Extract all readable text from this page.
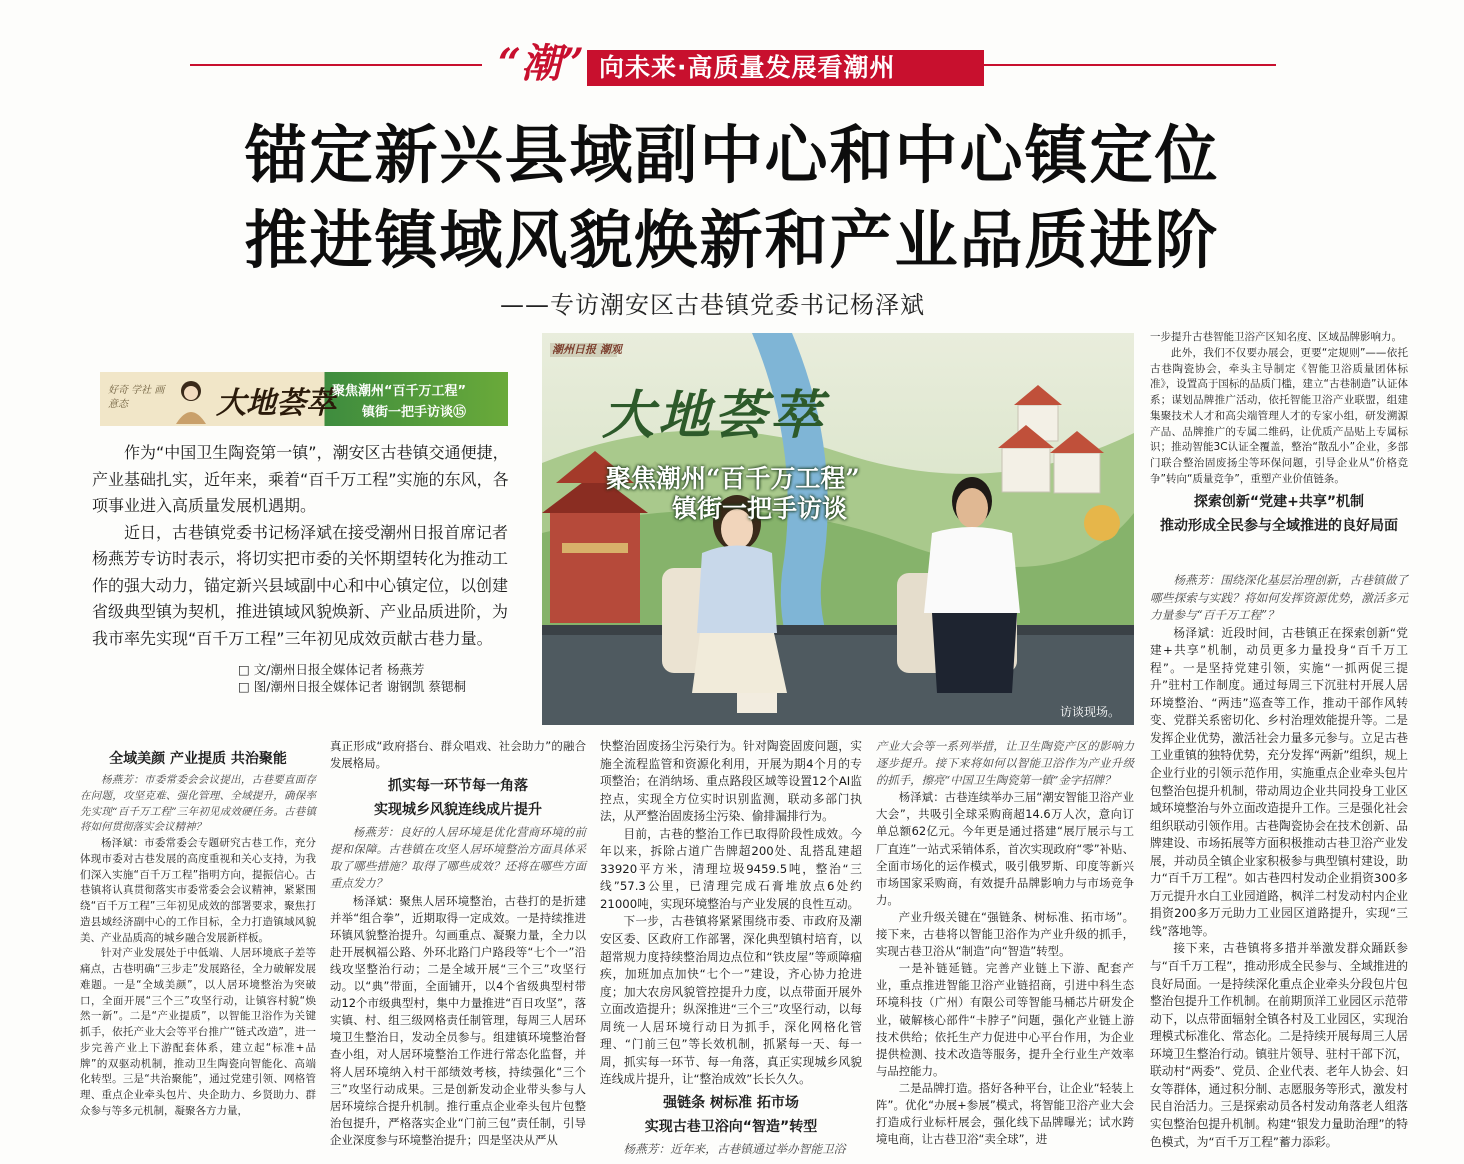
“潮” 向未来·高质量发展看潮州
锚定新兴县域副中心和中心镇定位
推进镇域风貌焕新和产业品质进阶
——专访潮安区古巷镇党委书记杨泽斌
好奇 学社 画意态	大地荟萃
聚焦潮州“百千万工程”
镇街一把手访谈⑮

作为“中国卫生陶瓷第一镇”，潮安区古巷镇交通便捷，产业基础扎实，近年来，乘着“百千万工程”实施的东风，各项事业进入高质量发展机遇期。

近日，古巷镇党委书记杨泽斌在接受潮州日报首席记者杨燕芳专访时表示，将切实把市委的关怀期望转化为推动工作的强大动力，锚定新兴县域副中心和中心镇定位，以创建省级典型镇为契机，推进镇域风貌焕新、产业品质进阶，为我市率先实现“百千万工程”三年初见成效贡献古巷力量。

□ 文/潮州日报全媒体记者 杨燕芳
□ 图/潮州日报全媒体记者 谢钢凯 蔡锶桐
潮州日报 潮观
大地荟萃
聚焦潮州“百千万工程”
镇街一把手访谈
访谈现场。

全域美颜 产业提质 共治聚能

杨燕芳：市委常委会会议提出，古巷要直面存在问题，攻坚克难、强化管理、全域提升，确保率先实现“百千万工程”三年初见成效硬任务。古巷镇将如何贯彻落实会议精神？

杨泽斌：市委常委会专题研究古巷工作，充分体现市委对古巷发展的高度重视和关心支持，为我们深入实施“百千万工程”指明方向，提振信心。古巷镇将认真贯彻落实市委常委会会议精神，紧紧围绕“百千万工程”三年初见成效的部署要求，聚焦打造县域经济副中心的工作目标，全力打造镇域风貌美、产业品质高的城乡融合发展新样板。

针对产业发展处于中低端、人居环境底子差等痛点，古巷明确“三步走”发展路径，全力破解发展难题。一是“全域美颜”，以人居环境整治为突破口，全面开展“三个三”攻坚行动，让镇容村貌“焕然一新”。二是“产业提质”，以智能卫浴作为关键抓手，依托产业大会等平台推广“链式改造”，进一步完善产业上下游配套体系，建立起“标准+品牌”的双驱动机制，推动卫生陶瓷向智能化、高端化转型。三是“共治聚能”，通过党建引领、网格管理、重点企业牵头包片、央企助力、乡贤助力、群众参与等多元机制，凝聚各方力量，

真正形成“政府搭台、群众唱戏、社会助力”的融合发展格局。

抓实每一环节每一角落

实现城乡风貌连线成片提升

杨燕芳：良好的人居环境是优化营商环境的前提和保障。古巷镇在攻坚人居环境整治方面具体采取了哪些措施？取得了哪些成效？还将在哪些方面重点发力？

杨泽斌：聚焦人居环境整治，古巷打的是折建并举“组合拳”，近期取得一定成效。一是持续推进环镇风貌整治提升。勾画重点、凝聚力量，全力以赴开展枫福公路、外环北路门户路段等“七个一”沿线攻坚整治行动；二是全域开展“三个三”攻坚行动。以“典”带面，全面铺开，以4个省级典型村带动12个市级典型村，集中力量推进“百日攻坚”，落实镇、村、组三级网格责任制管理，每周三人居环境卫生整治日，发动全员参与。组建镇环境整治督查小组，对人居环境整治工作进行常态化监督，并将人居环境纳入村干部绩效考核，持续强化“三个三”攻坚行动成果。三是创新发动企业带头参与人居环境综合提升机制。推行重点企业牵头包片包整治包提升，严格落实企业“门前三包”责任制，引导企业深度参与环境整治提升；四是坚决从严从

快整治固废扬尘污染行为。针对陶瓷固废问题，实施全流程监管和资源化利用，开展为期4个月的专项整治；在消纳场、重点路段区域等设置12个AI监控点，实现全方位实时识别监测，联动多部门执法，从严整治固废扬尘污染、偷排漏排行为。

目前，古巷的整治工作已取得阶段性成效。今年以来，拆除占道广告牌超200处、乱搭乱建超33920平方米，清理垃圾9459.5吨，整治“三线”57.3公里，已清理完成石膏堆放点6处约21000吨，实现环境整治与产业发展的良性互动。

下一步，古巷镇将紧紧围绕市委、市政府及潮安区委、区政府工作部署，深化典型镇村培育，以超常规力度持续整治周边点位和“铁皮屋”等顽障痼疾，加班加点加快“七个一”建设，齐心协力抢进度；加大农房风貌管控提升力度，以点带面开展外立面改造提升；纵深推进“三个三”攻坚行动，以每周统一人居环境行动日为抓手，深化网格化管理、“门前三包”等长效机制，抓紧每一天、每一周，抓实每一环节、每一角落，真正实现城乡风貌连线成片提升，让“整治成效”长长久久。

强链条 树标准 拓市场

实现古巷卫浴向“智造”转型

杨燕芳：近年来，古巷镇通过举办智能卫浴

产业大会等一系列举措，让卫生陶瓷产区的影响力逐步提升。接下来将如何以智能卫浴作为产业升级的抓手，擦亮“中国卫生陶瓷第一镇”金字招牌？

杨泽斌：古巷连续举办三届“潮安智能卫浴产业大会”，共吸引全球采购商超14.6万人次，意向订单总额62亿元。今年更是通过搭建“展厅展示与工厂直连”一站式采销体系，首次实现政府“零”补贴、全面市场化的运作模式，吸引俄罗斯、印度等新兴市场国家采购商，有效提升品牌影响力与市场竞争力。

产业升级关键在“强链条、树标准、拓市场”。接下来，古巷将以智能卫浴作为产业升级的抓手，实现古巷卫浴从“制造”向“智造”转型。

一是补链延链。完善产业链上下游、配套产业，重点推进智能卫浴产业链招商，引进中科生态环境科技（广州）有限公司等智能马桶芯片研发企业，破解核心部件“卡脖子”问题，强化产业链上游技术供给；依托生产力促进中心平台作用，为企业提供检测、技术改造等服务，提升全行业生产效率与品控能力。

二是品牌打造。搭好各种平台，让企业“轻装上阵”。优化“办展+参展”模式，将智能卫浴产业大会打造成行业标杆展会，强化线下品牌曝光；试水跨境电商，让古巷卫浴“卖全球”，进

一步提升古巷智能卫浴产区知名度、区域品牌影响力。

此外，我们不仅要办展会，更要“定规则”——依托古巷陶瓷协会，牵头主导制定《智能卫浴质量团体标准》，设置高于国标的品质门槛，建立“古巷制造”认证体系；谋划品牌推广活动，依托智能卫浴产业联盟，组建集聚技术人才和高尖端管理人才的专家小组，研发溯源产品、品牌推广的专属二维码，让优质产品贴上专属标识；推动智能3C认证全覆盖，整治“散乱小”企业，多部门联合整治固废扬尘等环保问题，引导企业从“价格竞争”转向“质量竞争”，重塑产业价值链条。

探索创新“党建+共享”机制

推动形成全民参与全域推进的良好局面

杨燕芳：围绕深化基层治理创新，古巷镇做了哪些探索与实践？将如何发挥资源优势，激活多元力量参与“百千万工程”？

杨泽斌：近段时间，古巷镇正在探索创新“党建+共享”机制，动员更多力量投身“百千万工程”。一是坚持党建引领，实施“一抓两促三提升”驻村工作制度。通过每周三下沉驻村开展人居环境整治、“两违”巡查等工作，推动干部作风转变、党群关系密切化、乡村治理效能提升等。二是发挥企业优势，激活社会力量多元参与。立足古巷工业重镇的独特优势，充分发挥“两新”组织，规上企业行业的引领示范作用，实施重点企业牵头包片包整治包提升机制，带动周边企业共同投身工业区域环境整治与外立面改造提升工作。三是强化社会组织联动引领作用。古巷陶瓷协会在技术创新、品牌建设、市场拓展等方面积极推动古巷卫浴产业发展，并动员全镇企业家积极参与典型镇村建设，助力“百千万工程”。如古巷四村发动企业捐资300多万元提升水白工业园道路，枫洋二村发动村内企业捐资200多万元助力工业园区道路提升，实现“三线”落地等。

接下来，古巷镇将多措并举激发群众踊跃参与“百千万工程”，推动形成全民参与、全域推进的良好局面。一是持续深化重点企业牵头分段包片包整治包提升工作机制。在前期顶洋工业园区示范带动下，以点带面辐射全镇各村及工业园区，实现治理模式标准化、常态化。二是持续开展每周三人居环境卫生整治行动。镇驻片领导、驻村干部下沉，联动村“两委”、党员、企业代表、老年人协会、妇女等群体，通过积分制、志愿服务等形式，激发村民自治活力。三是探索动员各村发动角落老人组落实包整治包提升机制。构建“银发力量助治理”的特色模式，为“百千万工程”蓄力添彩。
